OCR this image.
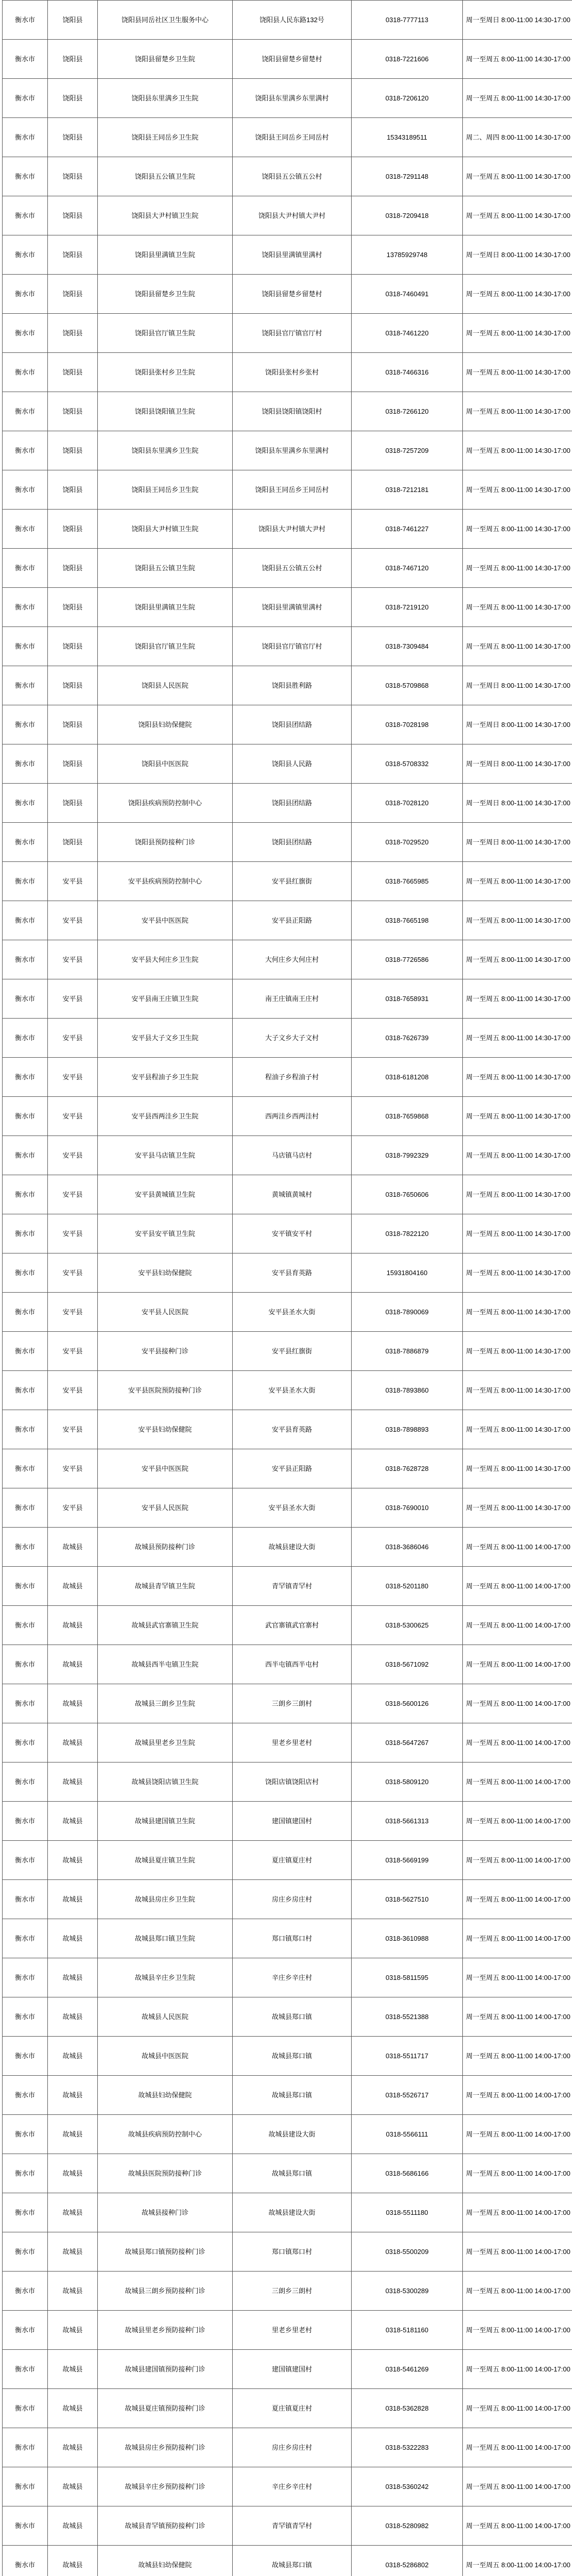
衡水市	饶阳县	饶阳县同岳社区卫生服务中心	饶阳县人民东路132号	0318-7777113	周一至周日 8:00-11:00 14:30-17:00
衡水市	饶阳县	饶阳县留楚乡卫生院	饶阳县留楚乡留楚村	0318-7221606	周一至周五 8:00-11:00 14:30-17:00
衡水市	饶阳县	饶阳县东里满乡卫生院	饶阳县东里满乡东里满村	0318-7206120	周一至周五 8:00-11:00 14:30-17:00
衡水市	饶阳县	饶阳县王同岳乡卫生院	饶阳县王同岳乡王同岳村	15343189511	周二、周四 8:00-11:00 14:30-17:00
衡水市	饶阳县	饶阳县五公镇卫生院	饶阳县五公镇五公村	0318-7291148	周一至周五 8:00-11:00 14:30-17:00
衡水市	饶阳县	饶阳县大尹村镇卫生院	饶阳县大尹村镇大尹村	0318-7209418	周一至周五 8:00-11:00 14:30-17:00
衡水市	饶阳县	饶阳县里满镇卫生院	饶阳县里满镇里满村	13785929748	周一至周日 8:00-11:00 14:30-17:00
衡水市	饶阳县	饶阳县留楚乡卫生院	饶阳县留楚乡留楚村	0318-7460491	周一至周五 8:00-11:00 14:30-17:00
衡水市	饶阳县	饶阳县官厅镇卫生院	饶阳县官厅镇官厅村	0318-7461220	周一至周五 8:00-11:00 14:30-17:00
衡水市	饶阳县	饶阳县张村乡卫生院	饶阳县张村乡张村	0318-7466316	周一至周五 8:00-11:00 14:30-17:00
衡水市	饶阳县	饶阳县饶阳镇卫生院	饶阳县饶阳镇饶阳村	0318-7266120	周一至周五 8:00-11:00 14:30-17:00
衡水市	饶阳县	饶阳县东里满乡卫生院	饶阳县东里满乡东里满村	0318-7257209	周一至周五 8:00-11:00 14:30-17:00
衡水市	饶阳县	饶阳县王同岳乡卫生院	饶阳县王同岳乡王同岳村	0318-7212181	周一至周五 8:00-11:00 14:30-17:00
衡水市	饶阳县	饶阳县大尹村镇卫生院	饶阳县大尹村镇大尹村	0318-7461227	周一至周五 8:00-11:00 14:30-17:00
衡水市	饶阳县	饶阳县五公镇卫生院	饶阳县五公镇五公村	0318-7467120	周一至周五 8:00-11:00 14:30-17:00
衡水市	饶阳县	饶阳县里满镇卫生院	饶阳县里满镇里满村	0318-7219120	周一至周五 8:00-11:00 14:30-17:00
衡水市	饶阳县	饶阳县官厅镇卫生院	饶阳县官厅镇官厅村	0318-7309484	周一至周五 8:00-11:00 14:30-17:00
衡水市	饶阳县	饶阳县人民医院	饶阳县胜利路	0318-5709868	周一至周日 8:00-11:00 14:30-17:00
衡水市	饶阳县	饶阳县妇幼保健院	饶阳县团结路	0318-7028198	周一至周日 8:00-11:00 14:30-17:00
衡水市	饶阳县	饶阳县中医医院	饶阳县人民路	0318-5708332	周一至周日 8:00-11:00 14:30-17:00
衡水市	饶阳县	饶阳县疾病预防控制中心	饶阳县团结路	0318-7028120	周一至周日 8:00-11:00 14:30-17:00
衡水市	饶阳县	饶阳县预防接种门诊	饶阳县团结路	0318-7029520	周一至周日 8:00-11:00 14:30-17:00
衡水市	安平县	安平县疾病预防控制中心	安平县红旗街	0318-7665985	周一至周五 8:00-11:00 14:30-17:00
衡水市	安平县	安平县中医医院	安平县正阳路	0318-7665198	周一至周五 8:00-11:00 14:30-17:00
衡水市	安平县	安平县大何庄乡卫生院	大何庄乡大何庄村	0318-7726586	周一至周五 8:00-11:00 14:30-17:00
衡水市	安平县	安平县南王庄镇卫生院	南王庄镇南王庄村	0318-7658931	周一至周五 8:00-11:00 14:30-17:00
衡水市	安平县	安平县大子文乡卫生院	大子文乡大子文村	0318-7626739	周一至周五 8:00-11:00 14:30-17:00
衡水市	安平县	安平县程油子乡卫生院	程油子乡程油子村	0318-6181208	周一至周五 8:00-11:00 14:30-17:00
衡水市	安平县	安平县西两洼乡卫生院	西两洼乡西两洼村	0318-7659868	周一至周五 8:00-11:00 14:30-17:00
衡水市	安平县	安平县马店镇卫生院	马店镇马店村	0318-7992329	周一至周五 8:00-11:00 14:30-17:00
衡水市	安平县	安平县黄城镇卫生院	黄城镇黄城村	0318-7650606	周一至周五 8:00-11:00 14:30-17:00
衡水市	安平县	安平县安平镇卫生院	安平镇安平村	0318-7822120	周一至周五 8:00-11:00 14:30-17:00
衡水市	安平县	安平县妇幼保健院	安平县育英路	15931804160	周一至周五 8:00-11:00 14:30-17:00
衡水市	安平县	安平县人民医院	安平县圣水大街	0318-7890069	周一至周五 8:00-11:00 14:30-17:00
衡水市	安平县	安平县接种门诊	安平县红旗街	0318-7886879	周一至周五 8:00-11:00 14:30-17:00
衡水市	安平县	安平县医院预防接种门诊	安平县圣水大街	0318-7893860	周一至周五 8:00-11:00 14:30-17:00
衡水市	安平县	安平县妇幼保健院	安平县育英路	0318-7898893	周一至周五 8:00-11:00 14:30-17:00
衡水市	安平县	安平县中医医院	安平县正阳路	0318-7628728	周一至周五 8:00-11:00 14:30-17:00
衡水市	安平县	安平县人民医院	安平县圣水大街	0318-7690010	周一至周五 8:00-11:00 14:30-17:00
衡水市	故城县	故城县预防接种门诊	故城县建设大街	0318-3686046	周一至周五 8:00-11:00 14:00-17:00
衡水市	故城县	故城县青罕镇卫生院	青罕镇青罕村	0318-5201180	周一至周五 8:00-11:00 14:00-17:00
衡水市	故城县	故城县武官寨镇卫生院	武官寨镇武官寨村	0318-5300625	周一至周五 8:00-11:00 14:00-17:00
衡水市	故城县	故城县西半屯镇卫生院	西半屯镇西半屯村	0318-5671092	周一至周五 8:00-11:00 14:00-17:00
衡水市	故城县	故城县三朗乡卫生院	三朗乡三朗村	0318-5600126	周一至周五 8:00-11:00 14:00-17:00
衡水市	故城县	故城县里老乡卫生院	里老乡里老村	0318-5647267	周一至周五 8:00-11:00 14:00-17:00
衡水市	故城县	故城县饶阳店镇卫生院	饶阳店镇饶阳店村	0318-5809120	周一至周五 8:00-11:00 14:00-17:00
衡水市	故城县	故城县建国镇卫生院	建国镇建国村	0318-5661313	周一至周五 8:00-11:00 14:00-17:00
衡水市	故城县	故城县夏庄镇卫生院	夏庄镇夏庄村	0318-5669199	周一至周五 8:00-11:00 14:00-17:00
衡水市	故城县	故城县房庄乡卫生院	房庄乡房庄村	0318-5627510	周一至周五 8:00-11:00 14:00-17:00
衡水市	故城县	故城县郑口镇卫生院	郑口镇郑口村	0318-3610988	周一至周五 8:00-11:00 14:00-17:00
衡水市	故城县	故城县辛庄乡卫生院	辛庄乡辛庄村	0318-5811595	周一至周五 8:00-11:00 14:00-17:00
衡水市	故城县	故城县人民医院	故城县郑口镇	0318-5521388	周一至周五 8:00-11:00 14:00-17:00
衡水市	故城县	故城县中医医院	故城县郑口镇	0318-5511717	周一至周五 8:00-11:00 14:00-17:00
衡水市	故城县	故城县妇幼保健院	故城县郑口镇	0318-5526717	周一至周五 8:00-11:00 14:00-17:00
衡水市	故城县	故城县疾病预防控制中心	故城县建设大街	0318-5566111	周一至周五 8:00-11:00 14:00-17:00
衡水市	故城县	故城县医院预防接种门诊	故城县郑口镇	0318-5686166	周一至周五 8:00-11:00 14:00-17:00
衡水市	故城县	故城县接种门诊	故城县建设大街	0318-5511180	周一至周五 8:00-11:00 14:00-17:00
衡水市	故城县	故城县郑口镇预防接种门诊	郑口镇郑口村	0318-5500209	周一至周五 8:00-11:00 14:00-17:00
衡水市	故城县	故城县三朗乡预防接种门诊	三朗乡三朗村	0318-5300289	周一至周五 8:00-11:00 14:00-17:00
衡水市	故城县	故城县里老乡预防接种门诊	里老乡里老村	0318-5181160	周一至周五 8:00-11:00 14:00-17:00
衡水市	故城县	故城县建国镇预防接种门诊	建国镇建国村	0318-5461269	周一至周五 8:00-11:00 14:00-17:00
衡水市	故城县	故城县夏庄镇预防接种门诊	夏庄镇夏庄村	0318-5362828	周一至周五 8:00-11:00 14:00-17:00
衡水市	故城县	故城县房庄乡预防接种门诊	房庄乡房庄村	0318-5322283	周一至周五 8:00-11:00 14:00-17:00
衡水市	故城县	故城县辛庄乡预防接种门诊	辛庄乡辛庄村	0318-5360242	周一至周五 8:00-11:00 14:00-17:00
衡水市	故城县	故城县青罕镇预防接种门诊	青罕镇青罕村	0318-5280982	周一至周五 8:00-11:00 14:00-17:00
衡水市	故城县	故城县妇幼保健院	故城县郑口镇	0318-5286802	周一至周五 8:00-11:00 14:00-17:00
